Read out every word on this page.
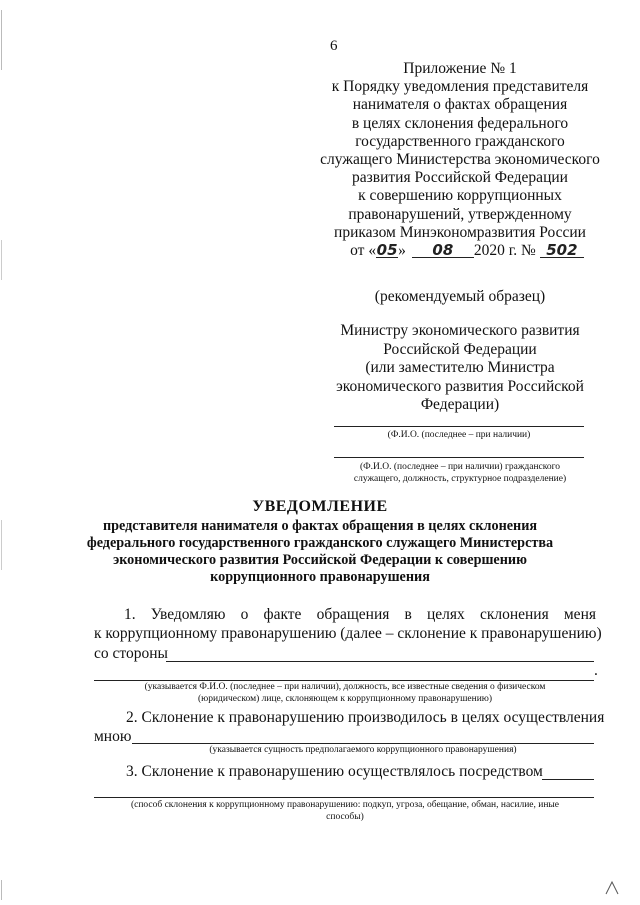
6
Приложение № 1
к Порядку уведомления представителя
нанимателя о фактах обращения
в целях склонения федерального
государственного гражданского
служащего Министерства экономического
развития Российской Федерации
к совершению коррупционных
правонарушений, утвержденному
приказом Минэкономразвития России
от «05» 08 2020 г. № 502
(рекомендуемый образец)
Министру экономического развития
Российской Федерации
(или заместителю Министра
экономического развития Российской
Федерации)
(Ф.И.О. (последнее – при наличии)
(Ф.И.О. (последнее – при наличии) гражданского
служащего, должность, структурное подразделение)
УВЕДОМЛЕНИЕ
представителя нанимателя о фактах обращения в целях склонения
федерального государственного гражданского служащего Министерства
экономического развития Российской Федерации к совершению
коррупционного правонарушения
1. Уведомляю о факте обращения в целях склонения меня
к коррупционному правонарушению (далее – склонение к правонарушению)
со стороны
.
(указывается Ф.И.О. (последнее – при наличии), должность, все известные сведения о физическом
(юридическом) лице, склоняющем к коррупционному правонарушению)
2. Склонение к правонарушению производилось в целях осуществления
мною
(указывается сущность предполагаемого коррупционного правонарушения)
3. Склонение к правонарушению осуществлялось посредством
(способ склонения к коррупционному правонарушению: подкуп, угроза, обещание, обман, насилие, иные
способы)
